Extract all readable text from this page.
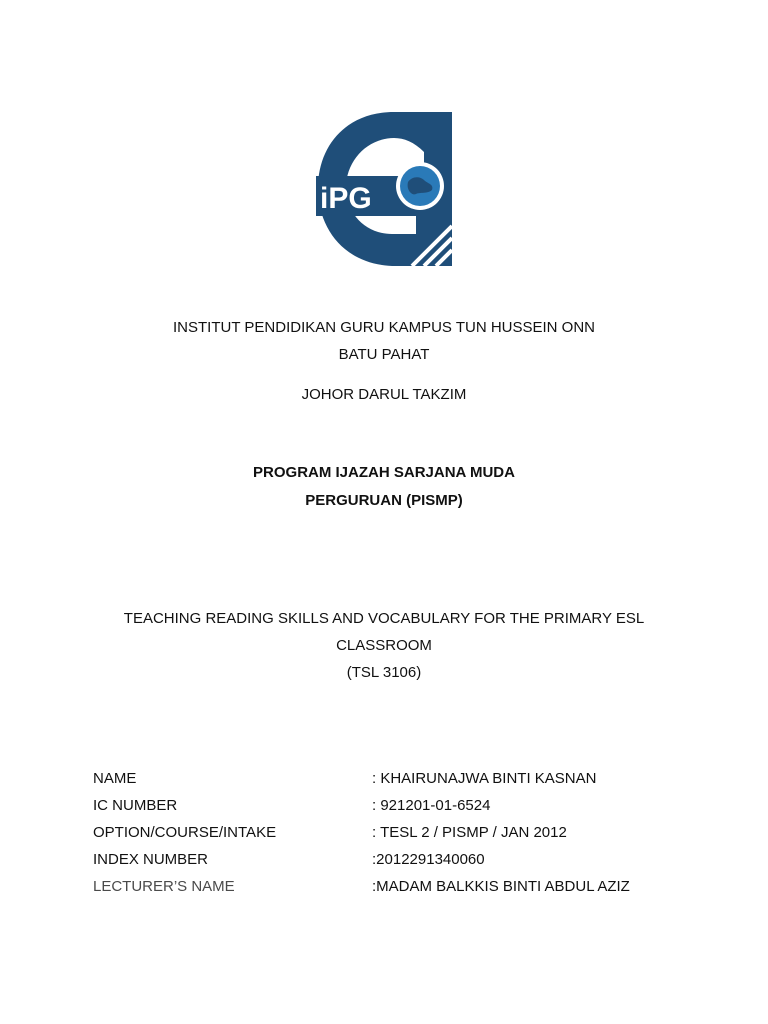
iPG
INSTITUT PENDIDIKAN GURU KAMPUS TUN HUSSEIN ONN
BATU PAHAT
JOHOR DARUL TAKZIM
PROGRAM IJAZAH SARJANA MUDA
PERGURUAN (PISMP)
TEACHING READING SKILLS AND VOCABULARY FOR THE PRIMARY ESL
CLASSROOM
(TSL 3106)
NAME	: KHAIRUNAJWA BINTI KASNAN
IC NUMBER	: 921201-01-6524
OPTION/COURSE/INTAKE	: TESL 2 / PISMP / JAN 2012
INDEX NUMBER	:2012291340060
LECTURER’S NAME	:MADAM BALKKIS BINTI ABDUL AZIZ
